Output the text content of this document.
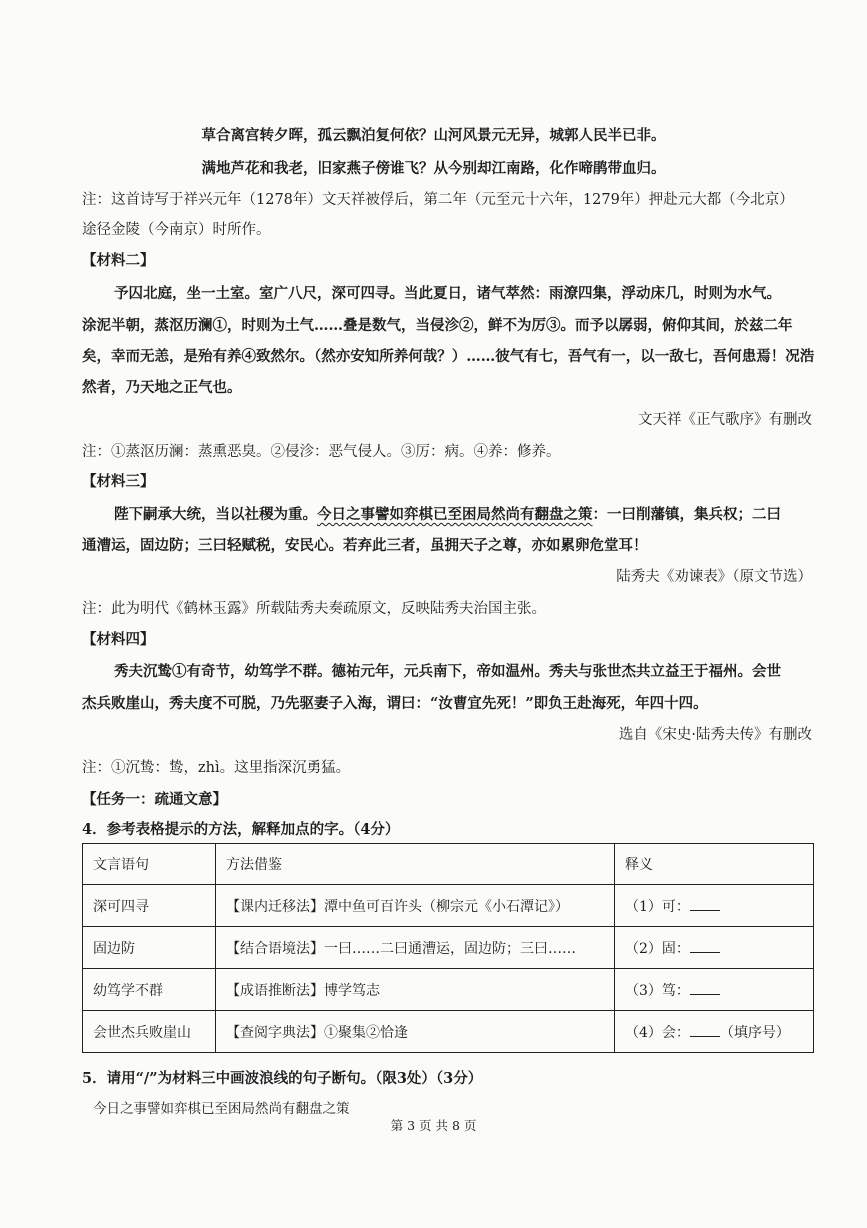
草合离宫转夕晖，孤云飘泊复何依？山河风景元无异，城郭人民半已非。
满地芦花和我老，旧家燕子傍谁飞？从今别却江南路，化作啼鹃带血归。
注：这首诗写于祥兴元年（1278年）文天祥被俘后，第二年（元至元十六年，1279年）押赴元大都（今北京）
途径金陵（今南京）时所作。
【材料二】
予囚北庭，坐一土室。室广八尺，深可四寻。当此夏日，诸气萃然：雨潦四集，浮动床几，时则为水气。
涂泥半朝，蒸沤历澜①，时则为土气……叠是数气，当侵沴②，鲜不为厉③。而予以孱弱，俯仰其间，於兹二年
矣，幸而无恙，是殆有养④致然尔。（然亦安知所养何哉？）……彼气有七，吾气有一，以一敌七，吾何患焉！况浩
然者，乃天地之正气也。
文天祥《正气歌序》有删改
注：①蒸沤历澜：蒸熏恶臭。②侵沴：恶气侵人。③厉：病。④养：修养。
【材料三】
陛下嗣承大统，当以社稷为重。今日之事譬如弈棋已至困局然尚有翻盘之策：一曰削藩镇，集兵权；二曰
通漕运，固边防；三曰轻赋税，安民心。若弃此三者，虽拥天子之尊，亦如累卵危堂耳！
陆秀夫《劝谏表》（原文节选）
注：此为明代《鹤林玉露》所载陆秀夫奏疏原文，反映陆秀夫治国主张。
【材料四】
秀夫沉鸷①有奇节，幼笃学不群。德祐元年，元兵南下，帝如温州。秀夫与张世杰共立益王于福州。会世
杰兵败崖山，秀夫度不可脱，乃先驱妻子入海，谓曰：“汝曹宜先死！”即负王赴海死，年四十四。
选自《宋史·陆秀夫传》有删改
注：①沉鸷：鸷，zhì。这里指深沉勇猛。
【任务一：疏通文意】
4．参考表格提示的方法，解释加点的字。（4分）
文言语句	方法借鉴	释义
深可四寻	【课内迁移法】潭中鱼可百许头（柳宗元《小石潭记》）	（1）可：
固边防	【结合语境法】一曰……二曰通漕运，固边防；三曰……	（2）固：
幼笃学不群	【成语推断法】博学笃志	（3）笃：
会世杰兵败崖山	【查阅字典法】①聚集②恰逢	（4）会： （填序号）
5．请用“/”为材料三中画波浪线的句子断句。（限3处）（3分）
今日之事譬如弈棋已至困局然尚有翻盘之策
第 3 页 共 8 页
